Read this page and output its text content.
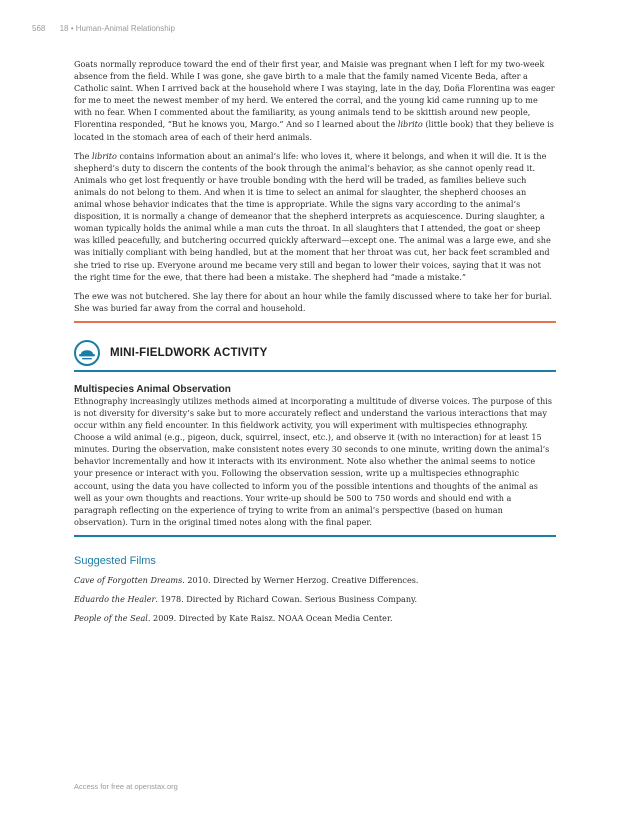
568 18 • Human-Animal Relationship

Goats normally reproduce toward the end of their first year, and Maisie was pregnant when I left for my two-week absence from the field. While I was gone, she gave birth to a male that the family named Vicente Beda, after a Catholic saint. When I arrived back at the household where I was staying, late in the day, Doña Florentina was eager for me to meet the newest member of my herd. We entered the corral, and the young kid came running up to me with no fear. When I commented about the familiarity, as young animals tend to be skittish around new people, Florentina responded, “But he knows you, Margo.” And so I learned about the librito (little book) that they believe is located in the stomach area of each of their herd animals.

The librito contains information about an animal’s life: who loves it, where it belongs, and when it will die. It is the shepherd’s duty to discern the contents of the book through the animal’s behavior, as she cannot openly read it. Animals who get lost frequently or have trouble bonding with the herd will be traded, as families believe such animals do not belong to them. And when it is time to select an animal for slaughter, the shepherd chooses an animal whose behavior indicates that the time is appropriate. While the signs vary according to the animal’s disposition, it is normally a change of demeanor that the shepherd interprets as acquiescence. During slaughter, a woman typically holds the animal while a man cuts the throat. In all slaughters that I attended, the goat or sheep was killed peacefully, and butchering occurred quickly afterward—except one. The animal was a large ewe, and she was initially compliant with being handled, but at the moment that her throat was cut, her back feet scrambled and she tried to rise up. Everyone around me became very still and began to lower their voices, saying that it was not the right time for the ewe, that there had been a mistake. The shepherd had “made a mistake.”

The ewe was not butchered. She lay there for about an hour while the family discussed where to take her for burial. She was buried far away from the corral and household.

MINI-FIELDWORK ACTIVITY
Multispecies Animal Observation

Ethnography increasingly utilizes methods aimed at incorporating a multitude of diverse voices. The purpose of this is not diversity for diversity’s sake but to more accurately reflect and understand the various interactions that may occur within any field encounter. In this fieldwork activity, you will experiment with multispecies ethnography. Choose a wild animal (e.g., pigeon, duck, squirrel, insect, etc.), and observe it (with no interaction) for at least 15 minutes. During the observation, make consistent notes every 30 seconds to one minute, writing down the animal’s behavior incrementally and how it interacts with its environment. Note also whether the animal seems to notice your presence or interact with you. Following the observation session, write up a multispecies ethnographic account, using the data you have collected to inform you of the possible intentions and thoughts of the animal as well as your own thoughts and reactions. Your write-up should be 500 to 750 words and should end with a paragraph reflecting on the experience of trying to write from an animal’s perspective (based on human observation). Turn in the original timed notes along with the final paper.

Suggested Films

Cave of Forgotten Dreams. 2010. Directed by Werner Herzog. Creative Differences.

Eduardo the Healer. 1978. Directed by Richard Cowan. Serious Business Company.

People of the Seal. 2009. Directed by Kate Raisz. NOAA Ocean Media Center.

Access for free at openstax.org
